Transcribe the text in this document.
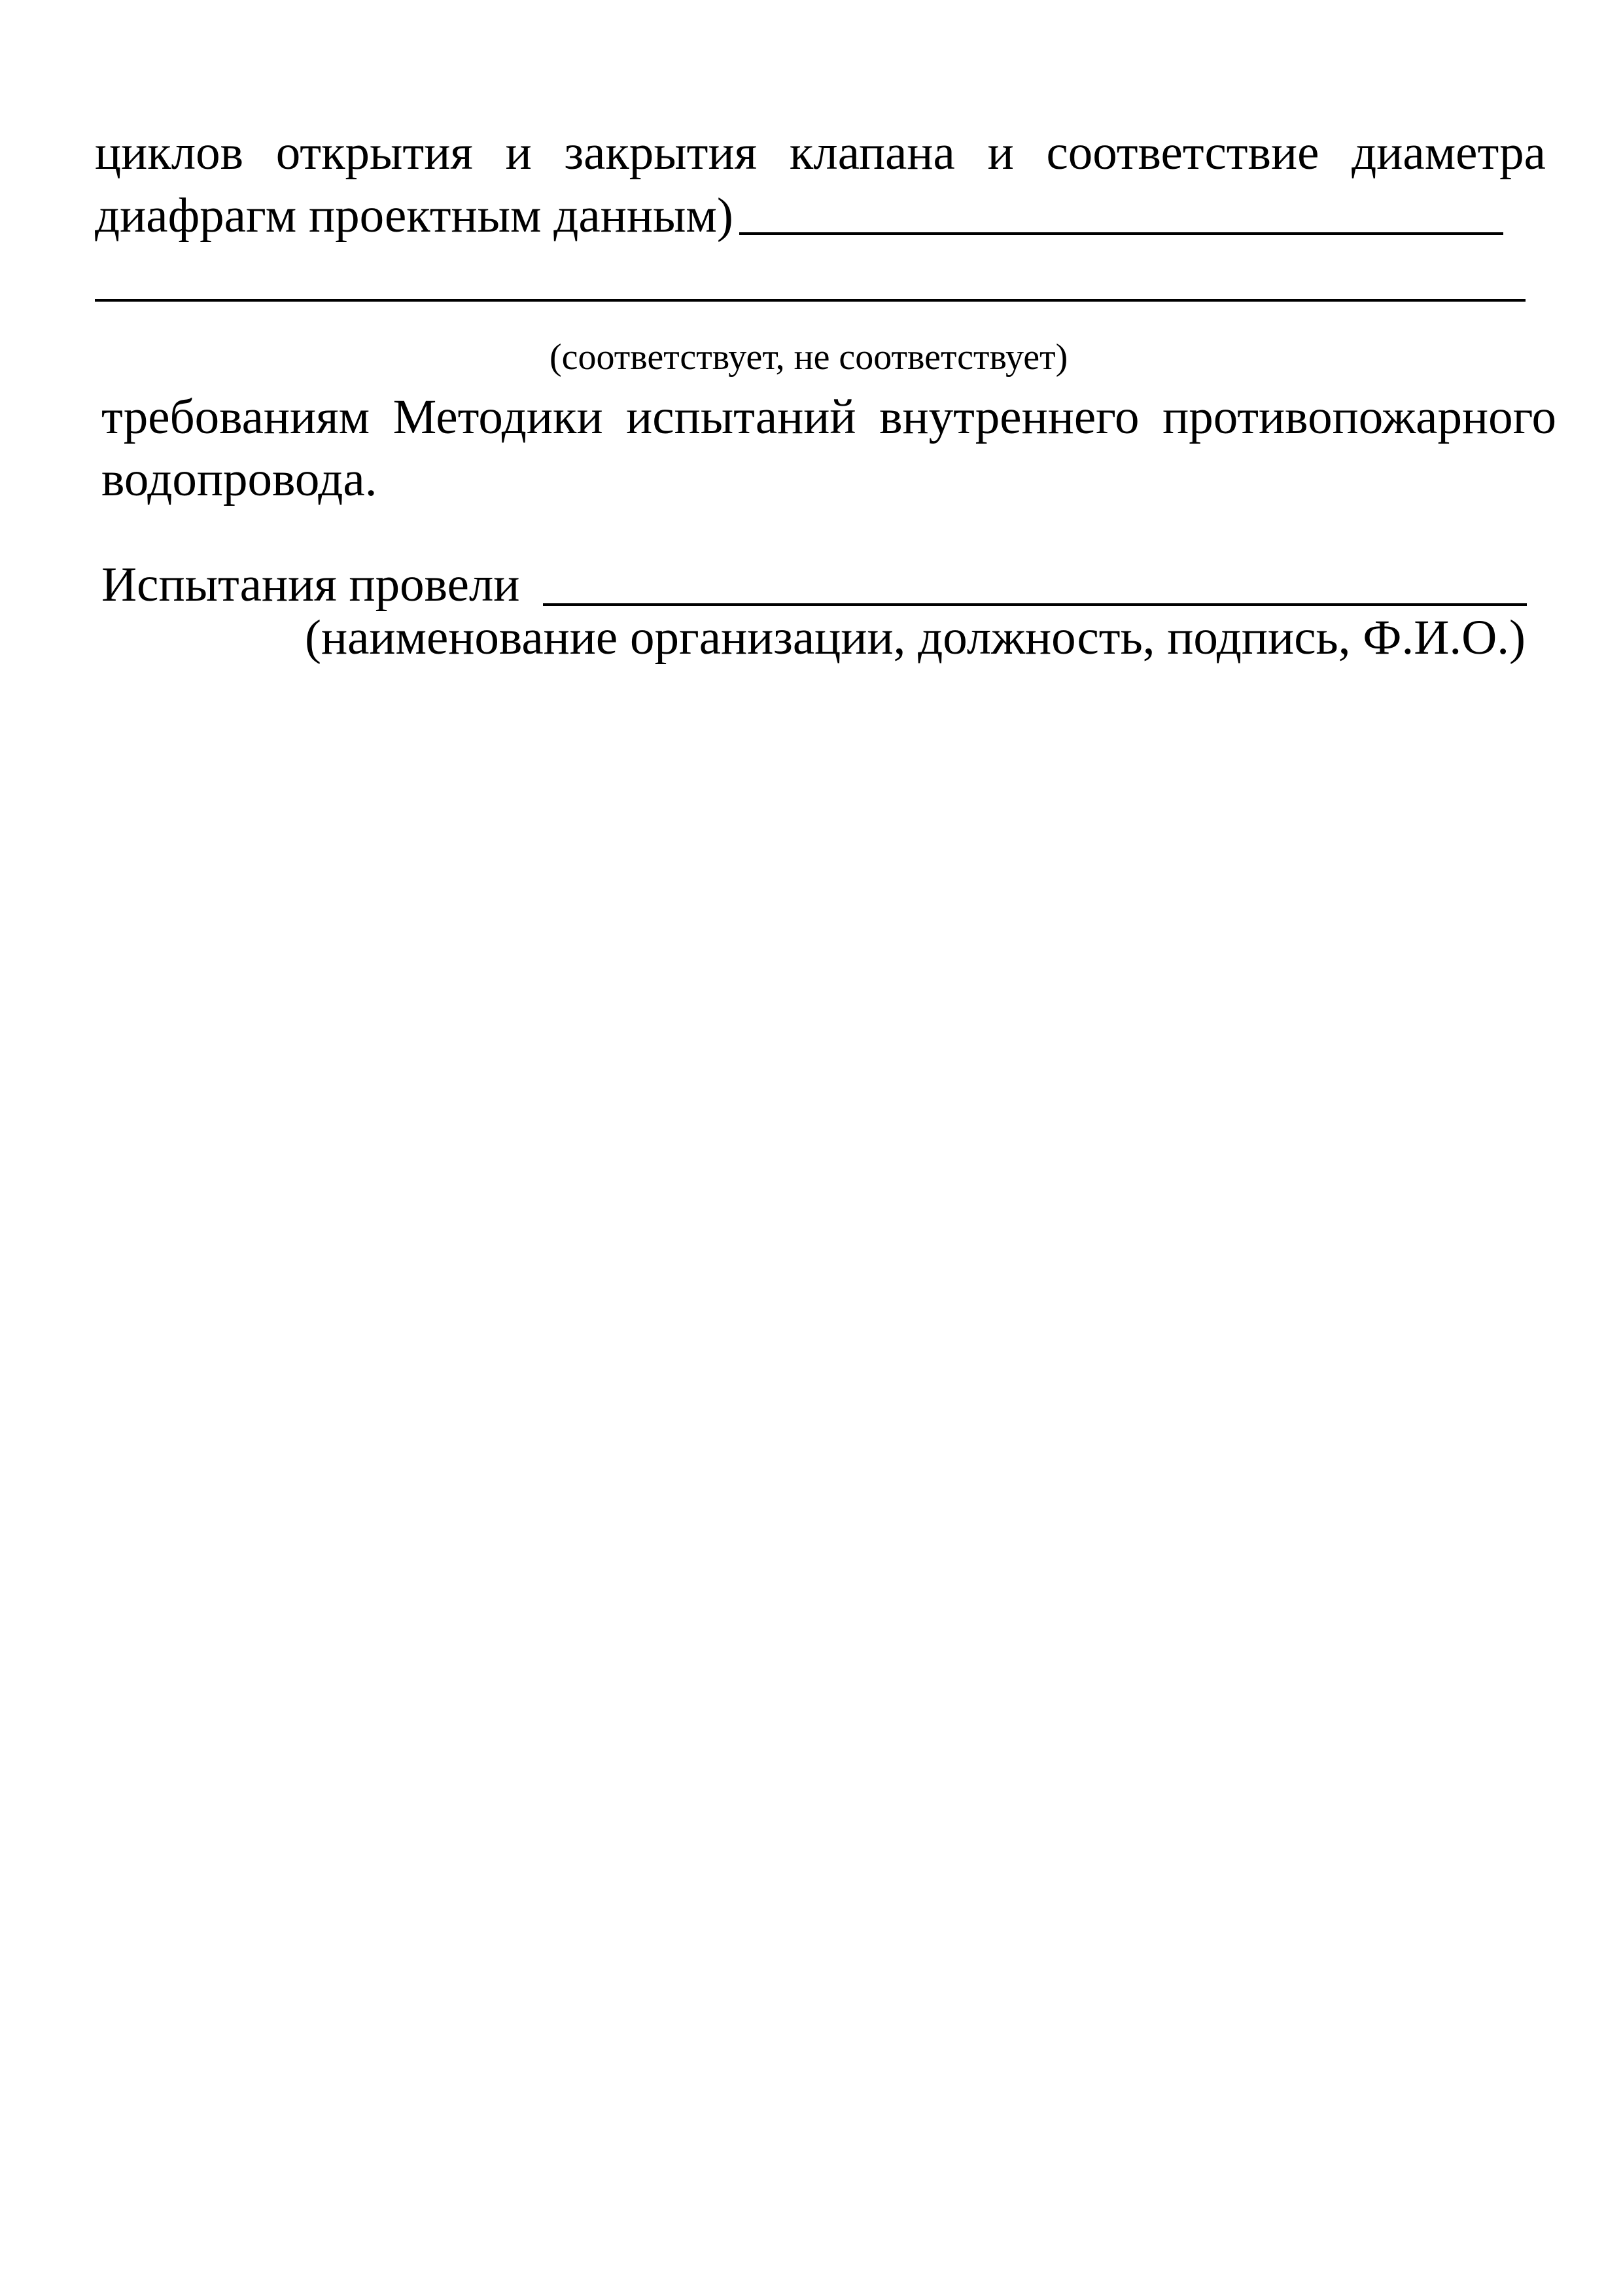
циклов открытия и закрытия клапана и соответствие диаметра
диафрагм проектным данным)
(соответствует, не соответствует)
требованиям Методики испытаний внутреннего противопожарного
водопровода.
Испытания провели
(наименование организации, должность, подпись, Ф.И.О.)
